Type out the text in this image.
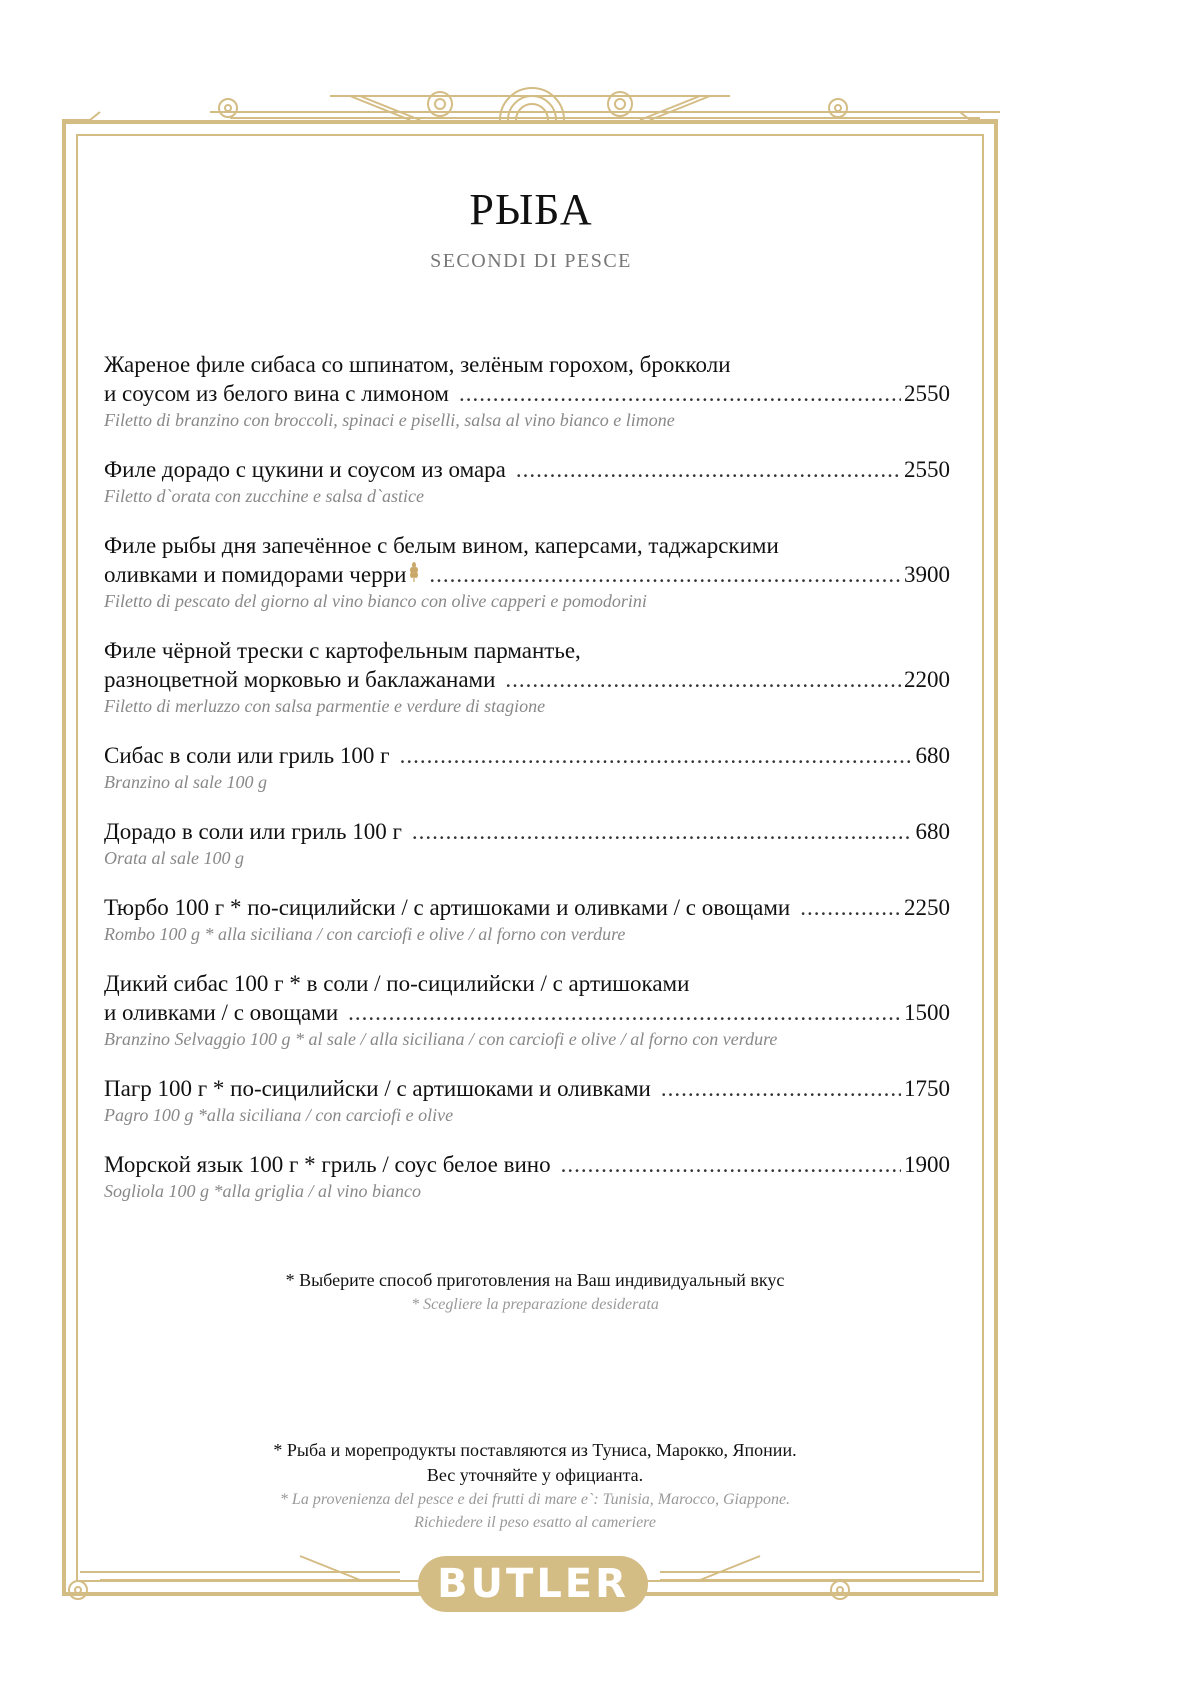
РЫБА
SECONDI DI PESCE
Жареное филе сибаса со шпинатом, зелёным горохом, брокколи
и соусом из белого вина с лимоном .....	2550
Filetto di branzino con broccoli, spinaci e piselli, salsa al vino bianco e limone
Филе дорадо с цукини и соусом из омара .....	2550
Filetto d`orata con zucchine e salsa d`astice
Филе рыбы дня запечённое с белым вином, каперсами, таджарскими
оливками и помидорами черри .....	3900
Filetto di pescato del giorno al vino bianco con olive capperi e pomodorini
Филе чёрной трески с картофельным пармантье,
разноцветной морковью и баклажанами .....	2200
Filetto di merluzzo con salsa parmentie e verdure di stagione
Сибас в соли или гриль 100 г .....	680
Branzino al sale 100 g
Дорадо в соли или гриль 100 г .....	680
Orata al sale 100 g
Тюрбо 100 г * по-сицилийски / с артишоками и оливками / с овощами .....	2250
Rombo 100 g * alla siciliana / con carciofi e olive / al forno con verdure
Дикий сибас 100 г * в соли / по-сицилийски / с артишоками
и оливками / с овощами .....	1500
Branzino Selvaggio 100 g * al sale / alla siciliana / con carciofi e olive / al forno con verdure
Пагр 100 г * по-сицилийски / с артишоками и оливками .....	1750
Pagro 100 g *alla siciliana / con carciofi e olive
Морской язык 100 г * гриль / соус белое вино .....	1900
Sogliola 100 g *alla griglia / al vino bianco
* Выберите способ приготовления на Ваш индивидуальный вкус
* Scegliere la preparazione desiderata
* Рыба и морепродукты поставляются из Туниса, Марокко, Японии.
Вес уточняйте у официанта.
* La provenienza del pesce e dei frutti di mare e`: Tunisia, Marocco, Giappone.
Richiedere il peso esatto al cameriere
BUTLER
